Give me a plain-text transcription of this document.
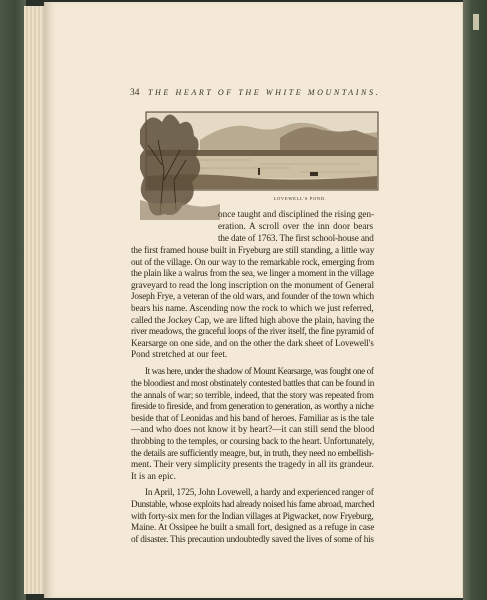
34 THE HEART OF THE WHITE MOUNTAINS.
LOVEWELL'S POND.
once taught and disciplined the rising gen-
eration. A scroll over the inn door bears
the date of 1763. The first school-house and
the first framed house built in Fryeburg are still standing, a little way
out of the village. On our way to the remarkable rock, emerging from
the plain like a walrus from the sea, we linger a moment in the village
graveyard to read the long inscription on the monument of General
Joseph Frye, a veteran of the old wars, and founder of the town which
bears his name. Ascending now the rock to which we just referred,
called the Jockey Cap, we are lifted high above the plain, having the
river meadows, the graceful loops of the river itself, the fine pyramid of
Kearsarge on one side, and on the other the dark sheet of Lovewell's
Pond stretched at our feet.
It was here, under the shadow of Mount Kearsarge, was fought one of
the bloodiest and most obstinately contested battles that can be found in
the annals of war; so terrible, indeed, that the story was repeated from
fireside to fireside, and from generation to generation, as worthy a niche
beside that of Leonidas and his band of heroes. Familiar as is the tale
—and who does not know it by heart?—it can still send the blood
throbbing to the temples, or coursing back to the heart. Unfortunately,
the details are sufficiently meagre, but, in truth, they need no embellish-
ment. Their very simplicity presents the tragedy in all its grandeur.
It is an epic.
In April, 1725, John Lovewell, a hardy and experienced ranger of
Dunstable, whose exploits had already noised his fame abroad, marched
with forty-six men for the Indian villages at Pigwacket, now Fryeburg,
Maine. At Ossipee he built a small fort, designed as a refuge in case
of disaster. This precaution undoubtedly saved the lives of some of his
